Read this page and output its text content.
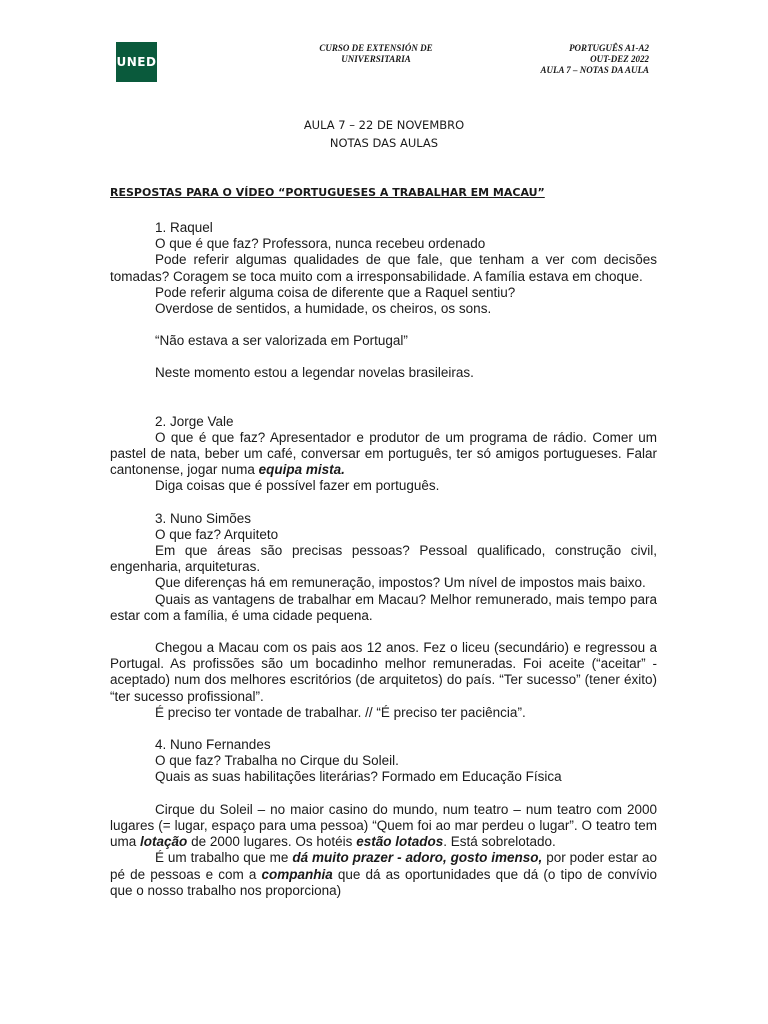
UNED
CURSO DE EXTENSIÓN DE
UNIVERSITARIA
PORTUGUÊS A1-A2
OUT-DEZ 2022
AULA 7 – NOTAS DA AULA
AULA 7 – 22 DE NOVEMBRO
NOTAS DAS AULAS
RESPOSTAS PARA O VÍDEO “PORTUGUESES A TRABALHAR EM MACAU”

1. Raquel

O que é que faz? Professora, nunca recebeu ordenado

Pode referir algumas qualidades de que fale, que tenham a ver com decisões tomadas? Coragem se toca muito com a irresponsabilidade. A família estava em choque.

Pode referir alguma coisa de diferente que a Raquel sentiu?

Overdose de sentidos, a humidade, os cheiros, os sons.

“Não estava a ser valorizada em Portugal”

Neste momento estou a legendar novelas brasileiras.

2. Jorge Vale

O que é que faz? Apresentador e produtor de um programa de rádio. Comer um pastel de nata, beber um café, conversar em português, ter só amigos portugueses. Falar cantonense, jogar numa equipa mista.

Diga coisas que é possível fazer em português.

3. Nuno Simões

O que faz? Arquiteto

Em que áreas são precisas pessoas? Pessoal qualificado, construção civil, engenharia, arquiteturas.

Que diferenças há em remuneração, impostos? Um nível de impostos mais baixo.

Quais as vantagens de trabalhar em Macau? Melhor remunerado, mais tempo para estar com a família, é uma cidade pequena.

Chegou a Macau com os pais aos 12 anos. Fez o liceu (secundário) e regressou a Portugal. As profissões são um bocadinho melhor remuneradas. Foi aceite (“aceitar” - aceptado) num dos melhores escritórios (de arquitetos) do país. “Ter sucesso” (tener éxito) “ter sucesso profissional”.

É preciso ter vontade de trabalhar. // “É preciso ter paciência”.

4. Nuno Fernandes

O que faz? Trabalha no Cirque du Soleil.

Quais as suas habilitações literárias? Formado em Educação Física

Cirque du Soleil – no maior casino do mundo, num teatro – num teatro com 2000 lugares (= lugar, espaço para uma pessoa) “Quem foi ao mar perdeu o lugar”. O teatro tem uma lotação de 2000 lugares. Os hotéis estão lotados. Está sobrelotado.

É um trabalho que me dá muito prazer - adoro, gosto imenso, por poder estar ao pé de pessoas e com a companhia que dá as oportunidades que dá (o tipo de convívio que o nosso trabalho nos proporciona)
